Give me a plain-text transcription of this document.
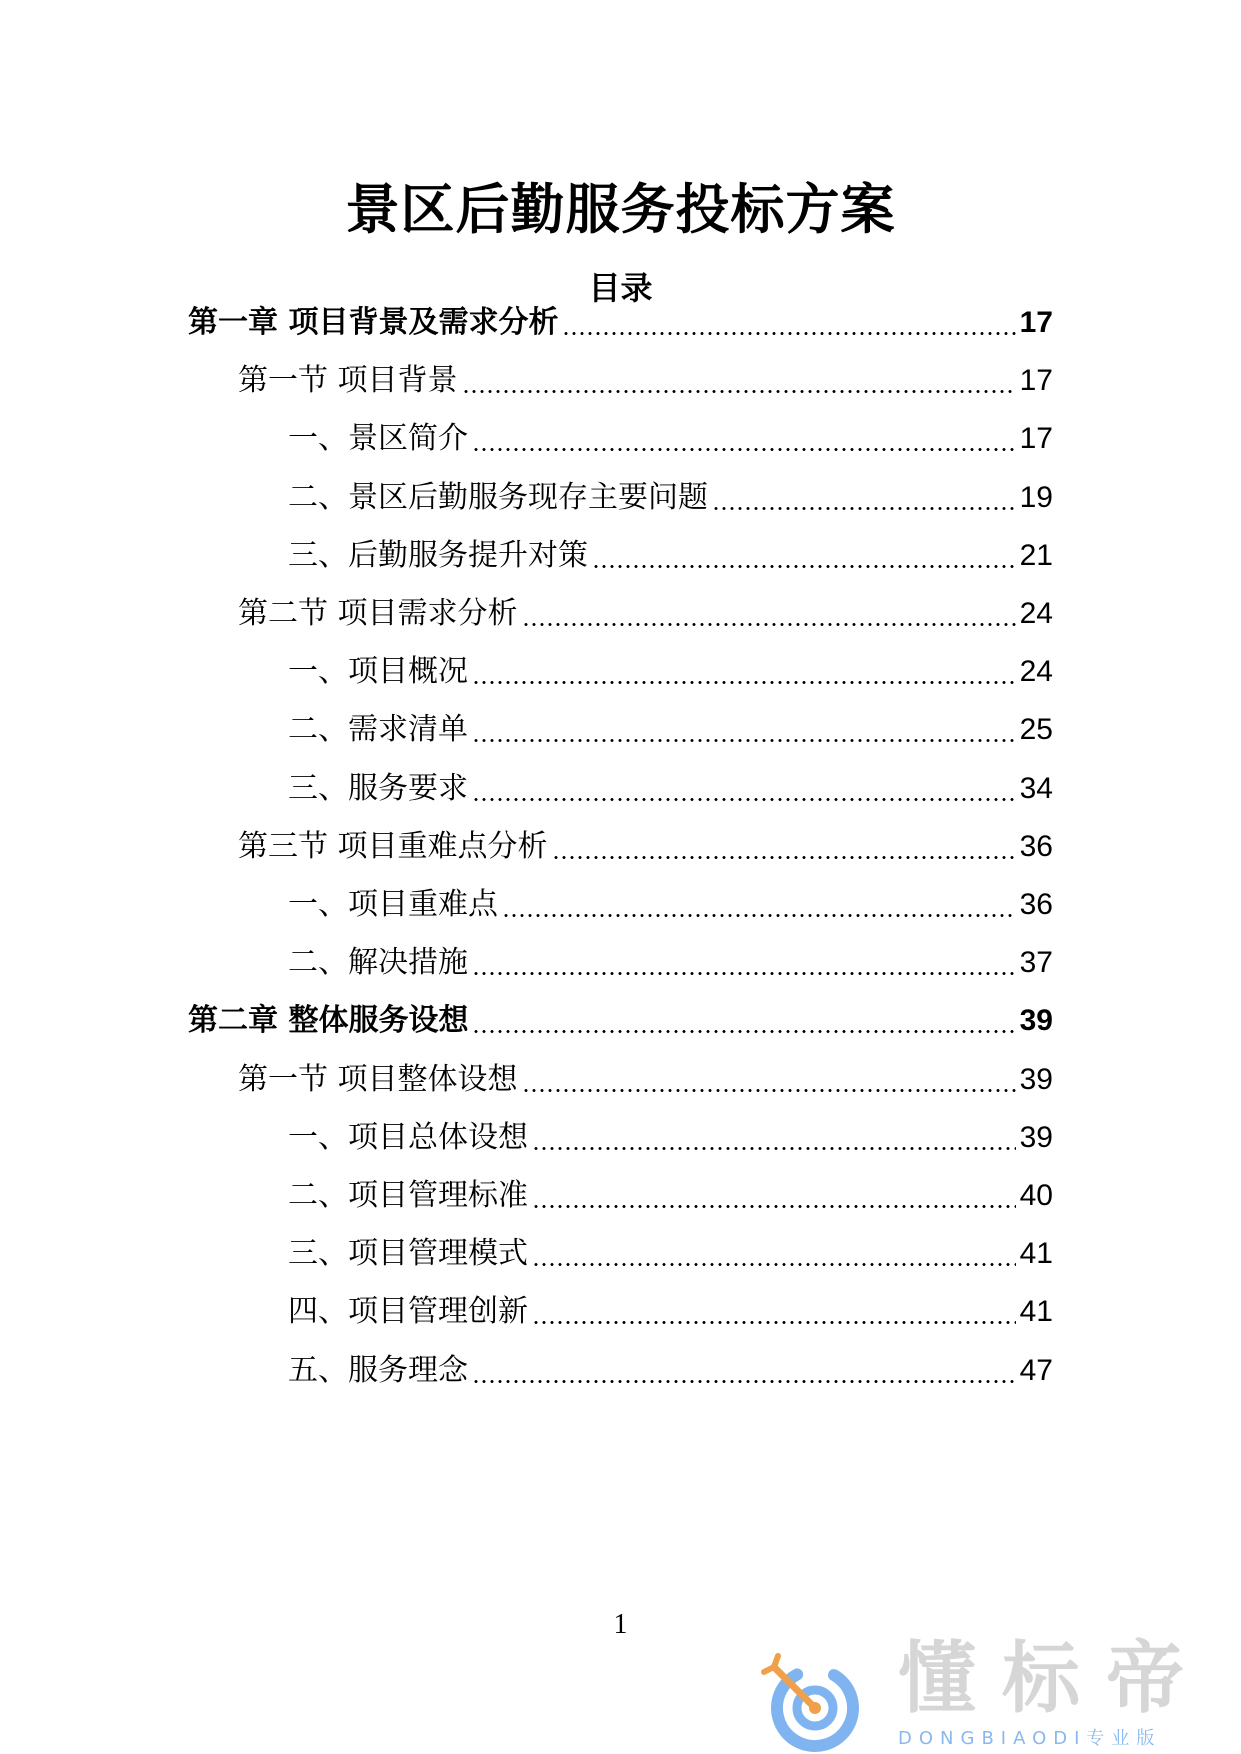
景区后勤服务投标方案
目录
第一章 项目背景及需求分析	17
第一节 项目背景	17
一、景区简介	17
二、景区后勤服务现存主要问题	19
三、后勤服务提升对策	21
第二节 项目需求分析	24
一、项目概况	24
二、需求清单	25
三、服务要求	34
第三节 项目重难点分析	36
一、项目重难点	36
二、解决措施	37
第二章 整体服务设想	39
第一节 项目整体设想	39
一、项目总体设想	39
二、项目管理标准	40
三、项目管理模式	41
四、项目管理创新	41
五、服务理念	47
1
懂标帝
DONGBIAODI专业版
